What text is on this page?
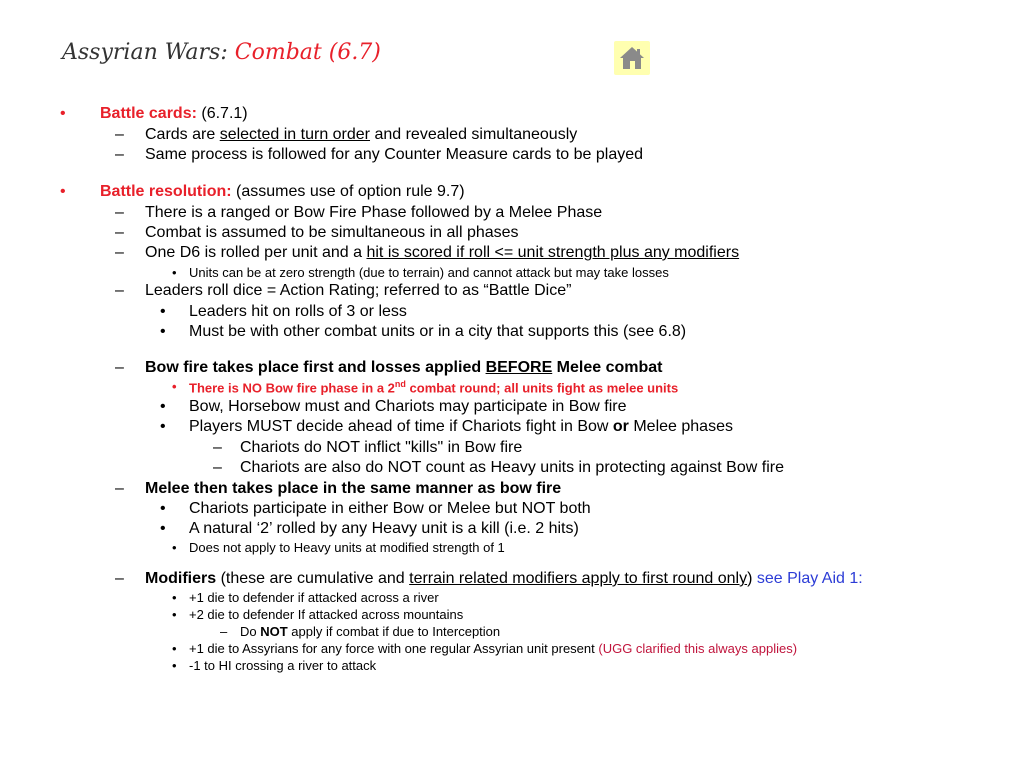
Assyrian Wars: Combat (6.7)
• Battle cards: (6.7.1)
– Cards are selected in turn order and revealed simultaneously
– Same process is followed for any Counter Measure cards to be played
• Battle resolution: (assumes use of option rule 9.7)
– There is a ranged or Bow Fire Phase followed by a Melee Phase
– Combat is assumed to be simultaneous in all phases
– One D6 is rolled per unit and a hit is scored if roll <= unit strength plus any modifiers
• Units can be at zero strength (due to terrain) and cannot attack but may take losses
– Leaders roll dice = Action Rating; referred to as “Battle Dice”
• Leaders hit on rolls of 3 or less
• Must be with other combat units or in a city that supports this (see 6.8)
– Bow fire takes place first and losses applied BEFORE Melee combat
• There is NO Bow fire phase in a 2nd combat round; all units fight as melee units
• Bow, Horsebow must and Chariots may participate in Bow fire
• Players MUST decide ahead of time if Chariots fight in Bow or Melee phases
– Chariots do NOT inflict "kills" in Bow fire
– Chariots are also do NOT count as Heavy units in protecting against Bow fire
– Melee then takes place in the same manner as bow fire
• Chariots participate in either Bow or Melee but NOT both
• A natural ‘2’ rolled by any Heavy unit is a kill (i.e. 2 hits)
• Does not apply to Heavy units at modified strength of 1
– Modifiers (these are cumulative and terrain related modifiers apply to first round only) see Play Aid 1:
• +1 die to defender if attacked across a river
• +2 die to defender If attacked across mountains
– Do NOT apply if combat if due to Interception
• +1 die to Assyrians for any force with one regular Assyrian unit present (UGG clarified this always applies)
• -1 to HI crossing a river to attack
